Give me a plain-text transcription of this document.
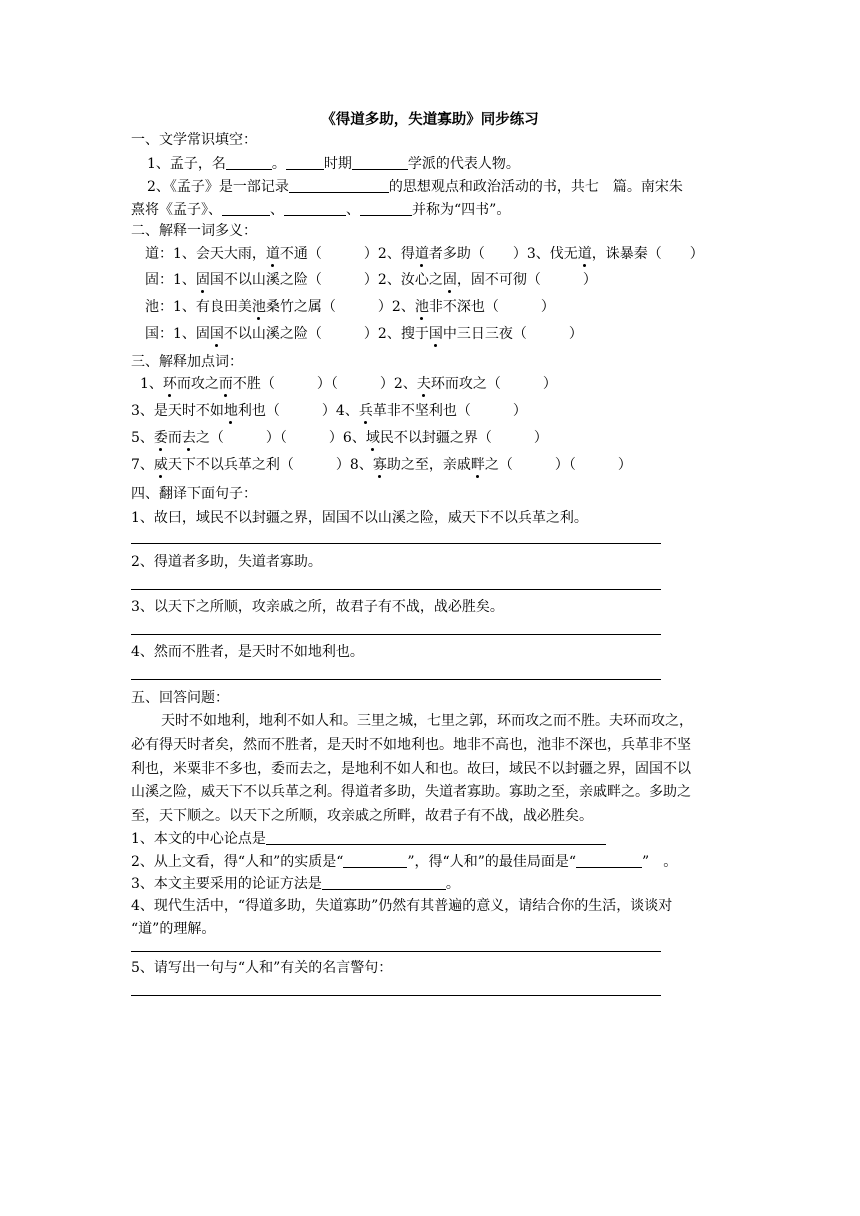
《得道多助，失道寡助》同步练习
一、文学常识填空：
1、孟子，名	。	时期	学派的代表人物。
2、《孟子》是一部记录	的思想观点和政治活动的书，共七　篇。南宋朱
熹将《孟子》、	、	、	并称为“四书”。
二、解释一词多义：
道：1、会天大雨，道不通（　　　）2、得道者多助（　　）3、伐无道，诛暴秦（　　）
固：1、固国不以山溪之险（　　　）2、汝心之固，固不可彻（　　　）
池：1、有良田美池桑竹之属（　　　）2、池非不深也（　　　）
国：1、固国不以山溪之险（　　　）2、搜于国中三日三夜（　　　）
三、解释加点词：
1、环而攻之而不胜（　　　）（　　　）2、夫环而攻之（　　　）
3、是天时不如地利也（　　　）4、兵革非不坚利也（　　　）
5、委而去之（　　　）（　　　）6、域民不以封疆之界（　　　）
7、威天下不以兵革之利（　　　）8、寡助之至，亲戚畔之（　　　）（　　　）
四、翻译下面句子：
1、故曰，域民不以封疆之界，固国不以山溪之险，威天下不以兵革之利。
2、得道者多助，失道者寡助。
3、以天下之所顺，攻亲戚之所，故君子有不战，战必胜矣。
4、然而不胜者，是天时不如地利也。
五、回答问题：
天时不如地利，地利不如人和。三里之城，七里之郭，环而攻之而不胜。夫环而攻之，
必有得天时者矣，然而不胜者，是天时不如地利也。地非不高也，池非不深也，兵革非不坚
利也，米粟非不多也，委而去之，是地利不如人和也。故曰，域民不以封疆之界，固国不以
山溪之险，威天下不以兵革之利。得道者多助，失道者寡助。寡助之至，亲戚畔之。多助之
至，天下顺之。以天下之所顺，攻亲戚之所畔，故君子有不战，战必胜矣。
1、本文的中心论点是
2、从上文看，得“人和”的实质是“	”，得“人和”的最佳局面是“	”　。
3、本文主要采用的论证方法是	。
4、现代生活中，“得道多助，失道寡助”仍然有其普遍的意义，请结合你的生活，谈谈对
“道”的理解。
5、请写出一句与“人和”有关的名言警句：
